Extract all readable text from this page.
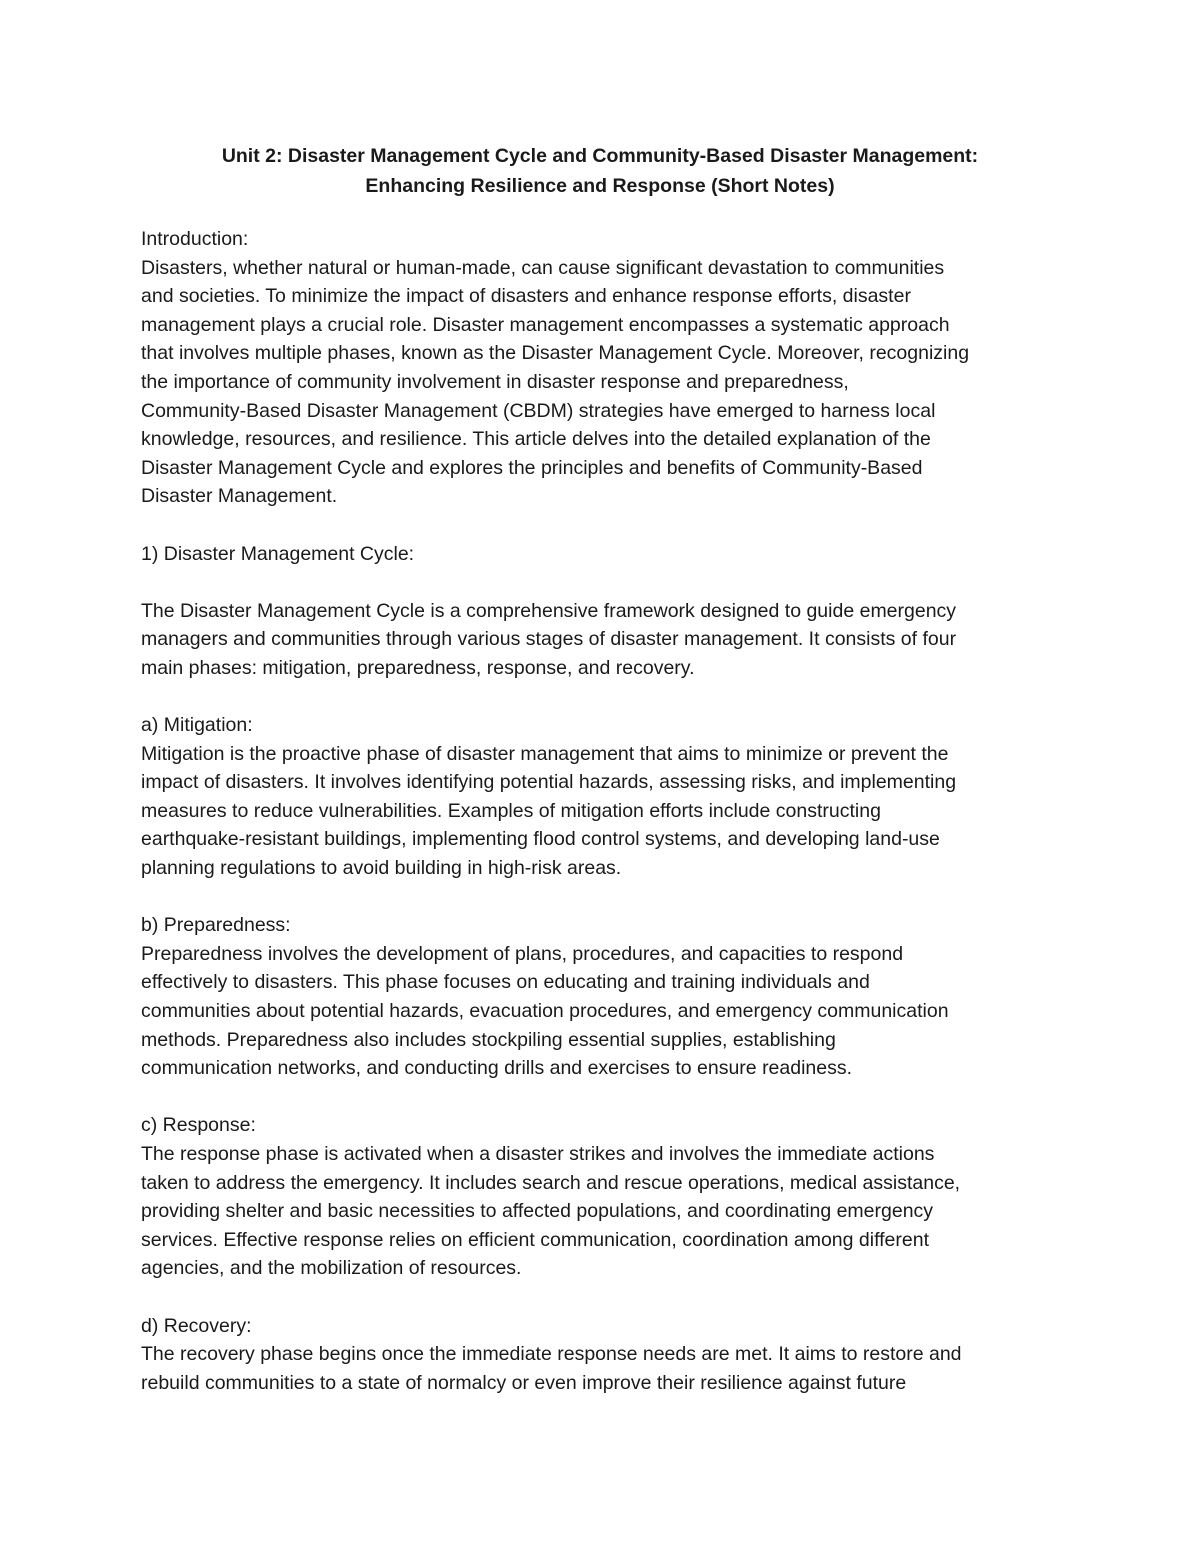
Unit 2: Disaster Management Cycle and Community-Based Disaster Management:
Enhancing Resilience and Response (Short Notes)
Introduction:
Disasters, whether natural or human-made, can cause significant devastation to communities
and societies. To minimize the impact of disasters and enhance response efforts, disaster
management plays a crucial role. Disaster management encompasses a systematic approach
that involves multiple phases, known as the Disaster Management Cycle. Moreover, recognizing
the importance of community involvement in disaster response and preparedness,
Community-Based Disaster Management (CBDM) strategies have emerged to harness local
knowledge, resources, and resilience. This article delves into the detailed explanation of the
Disaster Management Cycle and explores the principles and benefits of Community-Based
Disaster Management.
1) Disaster Management Cycle:
The Disaster Management Cycle is a comprehensive framework designed to guide emergency
managers and communities through various stages of disaster management. It consists of four
main phases: mitigation, preparedness, response, and recovery.
a) Mitigation:
Mitigation is the proactive phase of disaster management that aims to minimize or prevent the
impact of disasters. It involves identifying potential hazards, assessing risks, and implementing
measures to reduce vulnerabilities. Examples of mitigation efforts include constructing
earthquake-resistant buildings, implementing flood control systems, and developing land-use
planning regulations to avoid building in high-risk areas.
b) Preparedness:
Preparedness involves the development of plans, procedures, and capacities to respond
effectively to disasters. This phase focuses on educating and training individuals and
communities about potential hazards, evacuation procedures, and emergency communication
methods. Preparedness also includes stockpiling essential supplies, establishing
communication networks, and conducting drills and exercises to ensure readiness.
c) Response:
The response phase is activated when a disaster strikes and involves the immediate actions
taken to address the emergency. It includes search and rescue operations, medical assistance,
providing shelter and basic necessities to affected populations, and coordinating emergency
services. Effective response relies on efficient communication, coordination among different
agencies, and the mobilization of resources.
d) Recovery:
The recovery phase begins once the immediate response needs are met. It aims to restore and
rebuild communities to a state of normalcy or even improve their resilience against future
